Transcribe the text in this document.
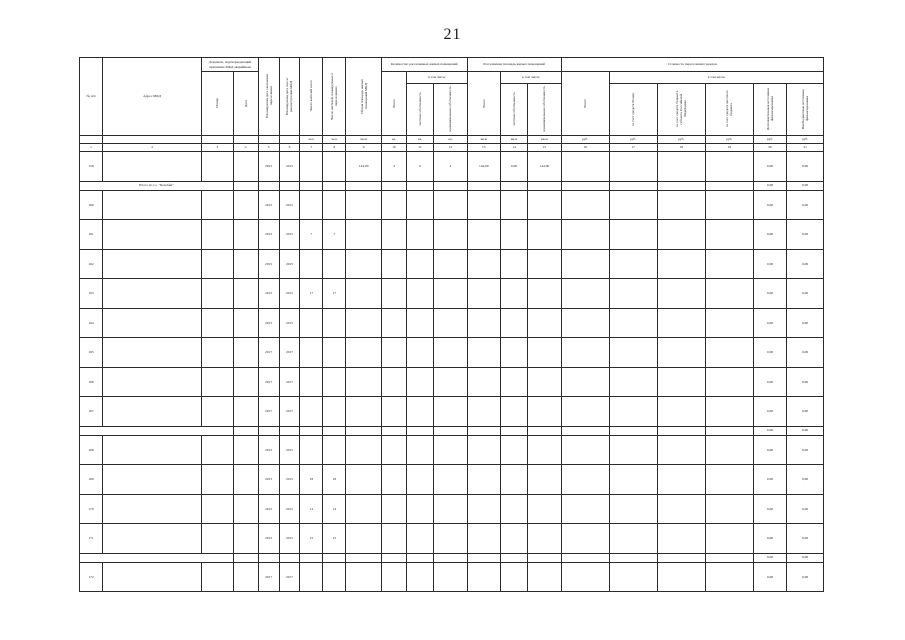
21
№ п/п	Адрес МКД	Документ, подтверждающий признание МКД аварийным		Планируемая дата окончания переселения	Планируемая дата сноса/реконструкции МКД	Число жителей всего	Число жителей, планируемых к переселению	Общая площадь жилых помещений МКД	Количество расселяемых жилых помещений			Расселяемая площадь жилых помещений			Стоимость переселения граждан					
		Номер	Дата						Всего	в том числе		Всего	в том числе		Всего	в том числе				
										частная собственность	муниципальная собственность		частная собственность	муниципальная собственность		за счет средств Фонда	за счет средств бюджета субъекта Российской Федерации	за счет средств местного бюджета	Дополнительные источники финансирования	Внебюджетные источники финансирования
						чел.	чел.	кв.м	ед.	ед.	ед.	кв.м	кв.м	кв.м	руб.	руб.	руб.	руб.	руб.	руб.
1	2	3	4	5	6	7	8	9	10	11	12	13	14	15	16	17	18	19	20	21
159				2015	2015			144,00	4	0	4	144,00	0,00	144,00					0,00	0,00
Итого по г.о. "Белебей"																			0,00	0,00
160				2015	2015														0,00	0,00
161				2015	2015	7	7												0,00	0,00
162				2015	2015														0,00	0,00
163				2015	2015	17	17												0,00	0,00
164				2015	2015														0,00	0,00
165				2017	2017														0,00	0,00
166				2017	2017														0,00	0,00
167				2017	2017														0,00	0,00
																			0,00	0,00
168				2015	2015														0,00	0,00
169				2015	2015	18	18												0,00	0,00
170				2015	2015	14	14												0,00	0,00
171				2015	2015	15	15												0,00	0,00
																			0,00	0,00
172				2017	2017														0,00	0,00
